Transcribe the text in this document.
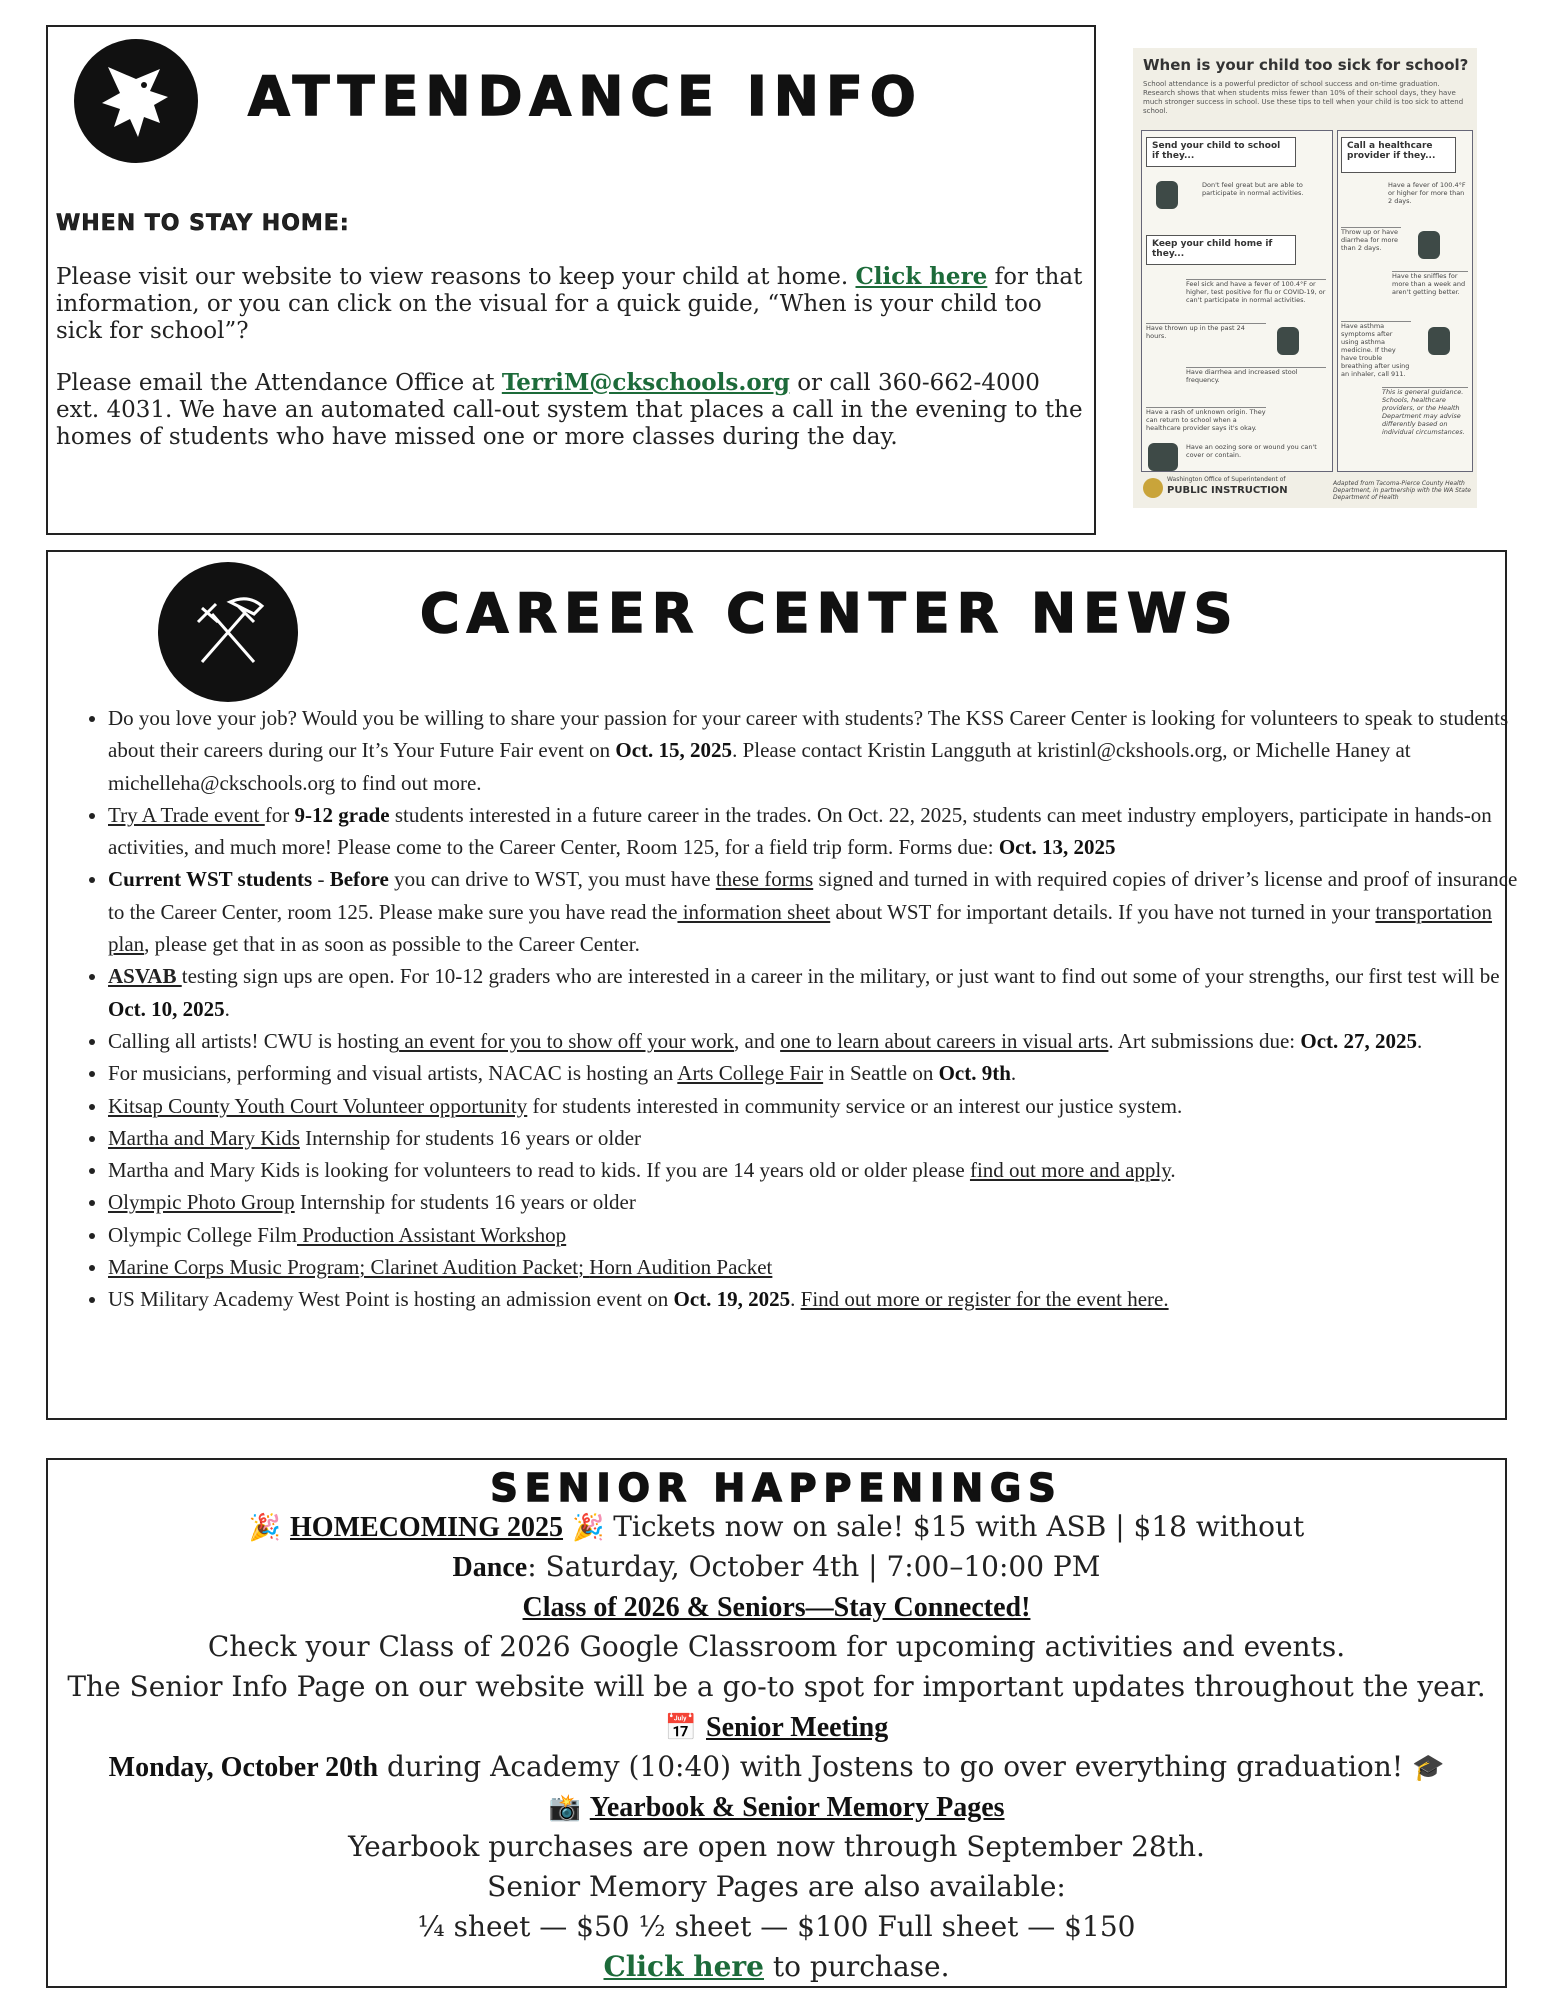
ATTENDANCE INFO
WHEN TO STAY HOME:
Please visit our website to view reasons to keep your child at home. Click here for that information, or you can click on the visual for a quick guide, “When is your child too sick for school”?
Please email the Attendance Office at TerriM@ckschools.org or call 360-662-4000 ext. 4031. We have an automated call-out system that places a call in the evening to the homes of students who have missed one or more classes during the day.
When is your child too sick for school?
School attendance is a powerful predictor of school success and on-time graduation. Research shows that when students miss fewer than 10% of their school days, they have much stronger success in school. Use these tips to tell when your child is too sick to attend school.
Send your child to school if they...
Don't feel great but are able to participate in normal activities.
Keep your child home if they...
Feel sick and have a fever of 100.4°F or higher, test positive for flu or COVID-19, or can't participate in normal activities.
Have thrown up in the past 24 hours.
Have diarrhea and increased stool frequency.
Have a rash of unknown origin. They can return to school when a healthcare provider says it's okay.
Have an oozing sore or wound you can't cover or contain.
Call a healthcare provider if they...
Have a fever of 100.4°F or higher for more than 2 days.
Throw up or have diarrhea for more than 2 days.
Have the sniffles for more than a week and aren't getting better.
Have asthma symptoms after using asthma medicine. If they have trouble breathing after using an inhaler, call 911.
This is general guidance. Schools, healthcare providers, or the Health Department may advise differently based on individual circumstances.
Washington Office of Superintendent of
PUBLIC INSTRUCTION
Adapted from Tacoma-Pierce County Health Department, in partnership with the WA State Department of Health
CAREER CENTER NEWS
• Do you love your job? Would you be willing to share your passion for your career with students? The KSS Career Center is looking for volunteers to speak to students about their careers during our It’s Your Future Fair event on Oct. 15, 2025. Please contact Kristin Langguth at kristinl@ckshools.org, or Michelle Haney at michelleha@ckschools.org to find out more.
• Try A Trade event for 9-12 grade students interested in a future career in the trades. On Oct. 22, 2025, students can meet industry employers, participate in hands-on activities, and much more! Please come to the Career Center, Room 125, for a field trip form. Forms due: Oct. 13, 2025
• Current WST students - Before you can drive to WST, you must have these forms signed and turned in with required copies of driver’s license and proof of insurance to the Career Center, room 125. Please make sure you have read the information sheet about WST for important details. If you have not turned in your transportation plan, please get that in as soon as possible to the Career Center.
• ASVAB testing sign ups are open. For 10-12 graders who are interested in a career in the military, or just want to find out some of your strengths, our first test will be Oct. 10, 2025.
• Calling all artists! CWU is hosting an event for you to show off your work, and one to learn about careers in visual arts. Art submissions due: Oct. 27, 2025.
• For musicians, performing and visual artists, NACAC is hosting an Arts College Fair in Seattle on Oct. 9th.
• Kitsap County Youth Court Volunteer opportunity for students interested in community service or an interest our justice system.
• Martha and Mary Kids Internship for students 16 years or older
• Martha and Mary Kids is looking for volunteers to read to kids. If you are 14 years old or older please find out more and apply.
• Olympic Photo Group Internship for students 16 years or older
• Olympic College Film Production Assistant Workshop
• Marine Corps Music Program; Clarinet Audition Packet; Horn Audition Packet
• US Military Academy West Point is hosting an admission event on Oct. 19, 2025. Find out more or register for the event here.
SENIOR HAPPENINGS
🎉 HOMECOMING 2025 🎉 Tickets now on sale! $15 with ASB | $18 without
Dance: Saturday, October 4th | 7:00–10:00 PM
Class of 2026 & Seniors—Stay Connected!
Check your Class of 2026 Google Classroom for upcoming activities and events.
The Senior Info Page on our website will be a go-to spot for important updates throughout the year.
📅 Senior Meeting
Monday, October 20th during Academy (10:40) with Jostens to go over everything graduation! 🎓
📸 Yearbook & Senior Memory Pages
Yearbook purchases are open now through September 28th.
Senior Memory Pages are also available:
¼ sheet — $50 ½ sheet — $100 Full sheet — $150
Click here to purchase.
